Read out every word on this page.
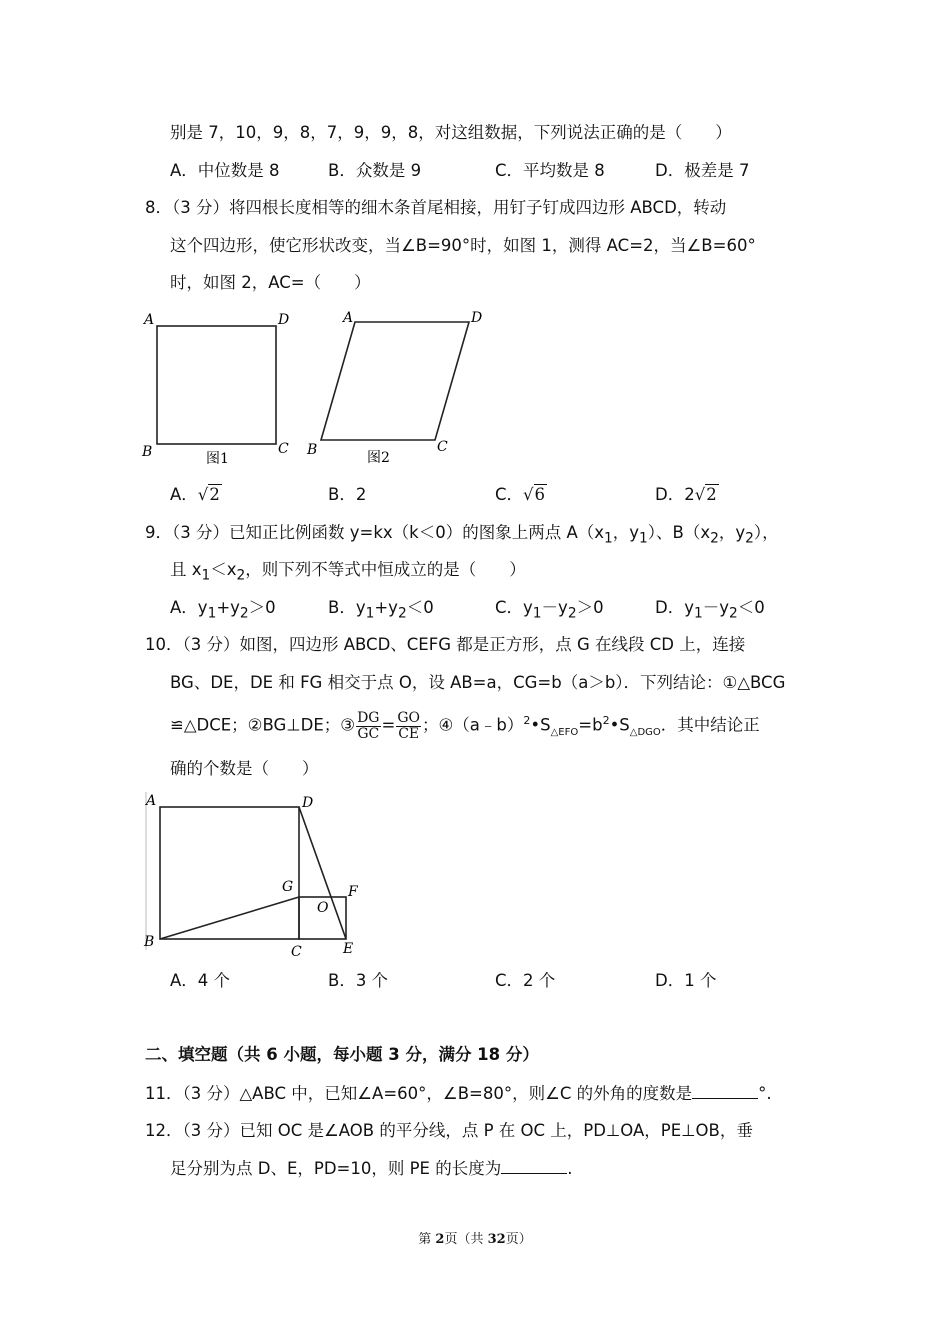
别是 7，10，9，8，7，9，9，8，对这组数据，下列说法正确的是（　　）
A．中位数是 8	B．众数是 9	C．平均数是 8	D．极差是 7
8．（3 分）将四根长度相等的细木条首尾相接，用钉子钉成四边形 ABCD，转动
这个四边形，使它形状改变，当∠B=90°时，如图 1，测得 AC=2，当∠B=60°
时，如图 2，AC=（　　）
A	D
B	C
图1
A	D
B	C
图2
A．√2	B．2	C．√6	D．2√2
9．（3 分）已知正比例函数 y=kx（k＜0）的图象上两点 $A(x_1$，$y_1$）、$B(x_2$，$y_2$），
且 $x_1<x_2$，则下列不等式中恒成立的是（　　）
A．$y_1+y_2>0$	B．$y_1+y_2<0$	C．$y_1-y_2>0$	D．$y_1-y_2<0$
10．（3 分）如图，四边形 ABCD、CEFG 都是正方形，点 G 在线段 CD 上，连接
BG、DE，DE 和 FG 相交于点 O，设 AB=a，CG=b（a＞b）．下列结论：①△BCG
≌△DCE；②BG⊥DE；③ $\frac{DG}{GC} = \frac{GO}{CE}$ ；$④(a﹣b)^2•S_{\triangle EFO}=b^2•S_{\triangle DGO}$．其中结论正
确的个数是（　　）
A	D
G	F
O
B
C	E
A．4 个	B．3 个	C．2 个	D．1 个
二、填空题（共 6 小题，每小题 3 分，满分 18 分）
11．（3 分）△ABC 中，已知∠A=60°，∠B=80°，则∠C 的外角的度数是	°.
12．（3 分）已知 OC 是∠AOB 的平分线，点 P 在 OC 上，PD⊥OA，PE⊥OB，垂
足分别为点 D、E，PD=10，则 PE 的长度为	.
第 2页（共 32页）
